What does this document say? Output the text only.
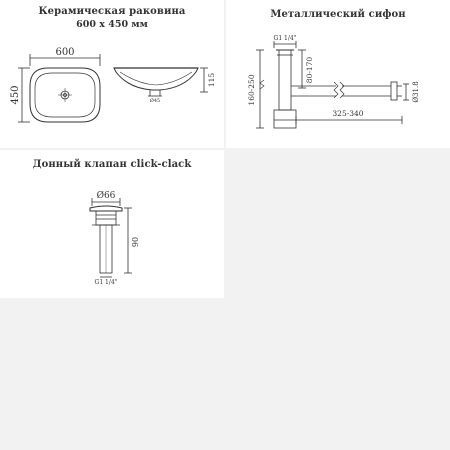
Керамическая раковина
600 x 450 мм
600
450
115
Ø45
Металлический сифон
G1 1/4"
80-170
160-250
325-340
Ø31.8
Донный клапан click-clack
Ø66
90
G1 1/4"
